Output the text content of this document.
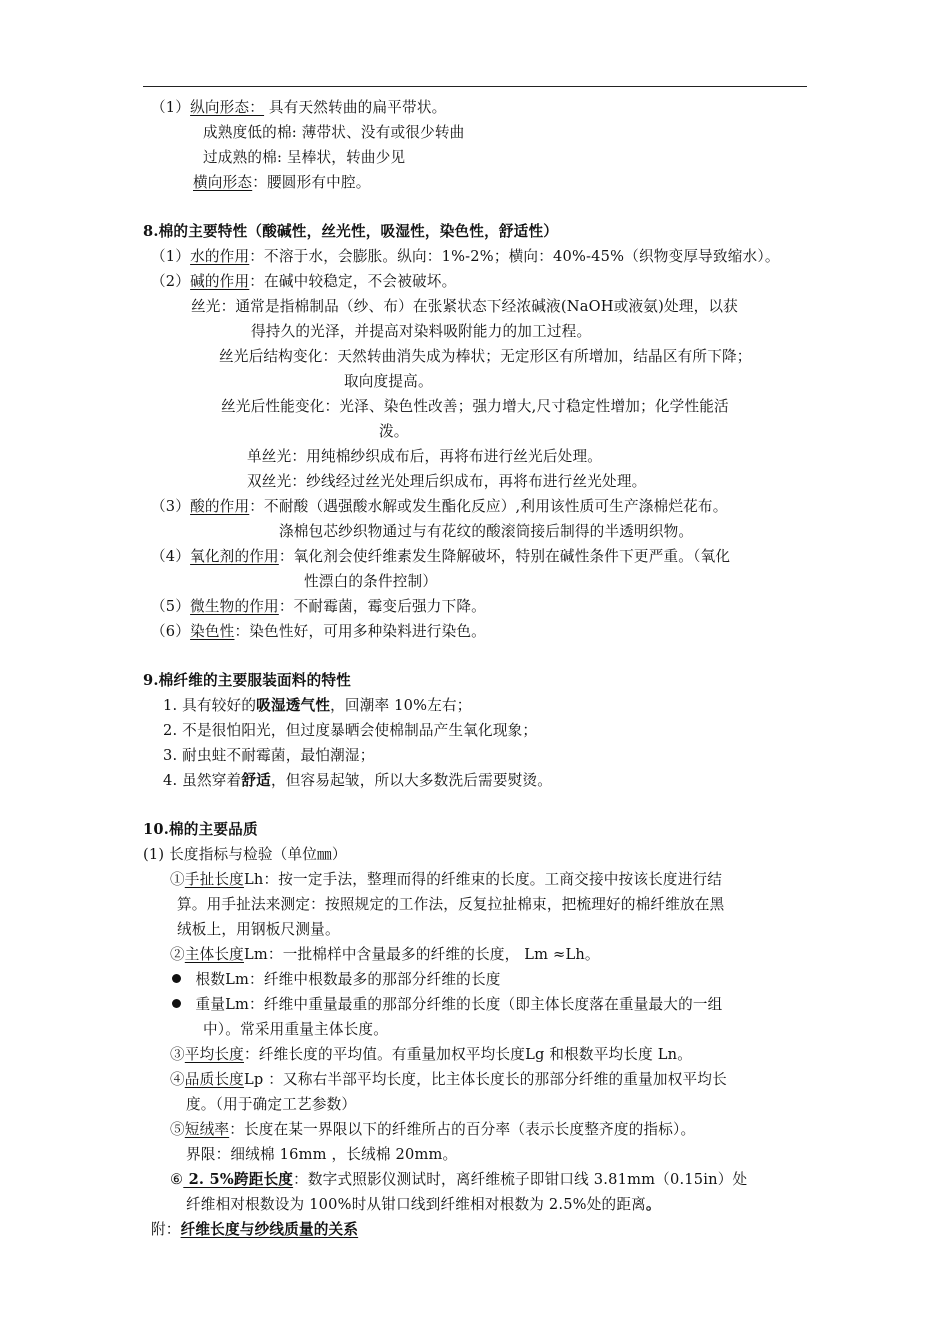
（1）纵向形态： 具有天然转曲的扁平带状。
成熟度低的棉: 薄带状、没有或很少转曲
过成熟的棉: 呈棒状，转曲少见
横向形态：腰圆形有中腔。
8.棉的主要特性（酸碱性，丝光性，吸湿性，染色性，舒适性）
（1）水的作用：不溶于水，会膨胀。纵向：1%-2%；横向：40%-45%（织物变厚导致缩水）。
（2）碱的作用：在碱中较稳定，不会被破坏。
丝光：通常是指棉制品（纱、布）在张紧状态下经浓碱液(NaOH或液氨)处理，以获
得持久的光泽，并提高对染料吸附能力的加工过程。
丝光后结构变化：天然转曲消失成为棒状；无定形区有所增加，结晶区有所下降；
取向度提高。
丝光后性能变化：光泽、染色性改善；强力增大,尺寸稳定性增加；化学性能活
泼。
单丝光：用纯棉纱织成布后，再将布进行丝光后处理。
双丝光：纱线经过丝光处理后织成布，再将布进行丝光处理。
（3）酸的作用：不耐酸（遇强酸水解或发生酯化反应）,利用该性质可生产涤棉烂花布。
涤棉包芯纱织物通过与有花纹的酸滚筒接后制得的半透明织物。
（4）氧化剂的作用：氧化剂会使纤维素发生降解破坏，特别在碱性条件下更严重。（氧化
性漂白的条件控制）
（5）微生物的作用：不耐霉菌，霉变后强力下降。
（6）染色性：染色性好，可用多种染料进行染色。
9.棉纤维的主要服装面料的特性
1. 具有较好的吸湿透气性，回潮率 10%左右；
2. 不是很怕阳光，但过度暴晒会使棉制品产生氧化现象；
3. 耐虫蛀不耐霉菌，最怕潮湿；
4. 虽然穿着舒适，但容易起皱，所以大多数洗后需要熨烫。
10.棉的主要品质
(1) 长度指标与检验（单位㎜）
①手扯长度Lh：按一定手法，整理而得的纤维束的长度。工商交接中按该长度进行结
算。用手扯法来测定：按照规定的工作法，反复拉扯棉束，把梳理好的棉纤维放在黑
绒板上，用钢板尺测量。
②主体长度Lm：一批棉样中含量最多的纤维的长度， Lm ≈Lh。
根数Lm：纤维中根数最多的那部分纤维的长度
重量Lm：纤维中重量最重的那部分纤维的长度（即主体长度落在重量最大的一组
中）。常采用重量主体长度。
③平均长度：纤维长度的平均值。有重量加权平均长度Lg 和根数平均长度 Ln。
④品质长度Lp ：又称右半部平均长度，比主体长度长的那部分纤维的重量加权平均长
度。（用于确定工艺参数）
⑤短绒率：长度在某一界限以下的纤维所占的百分率（表示长度整齐度的指标）。
界限：细绒棉 16mm ，长绒棉 20mm。
⑥ 2. 5%跨距长度：数字式照影仪测试时，离纤维梳子即钳口线 3.81mm（0.15in）处
纤维相对根数设为 100%时从钳口线到纤维相对根数为 2.5%处的距离。
附：纤维长度与纱线质量的关系
